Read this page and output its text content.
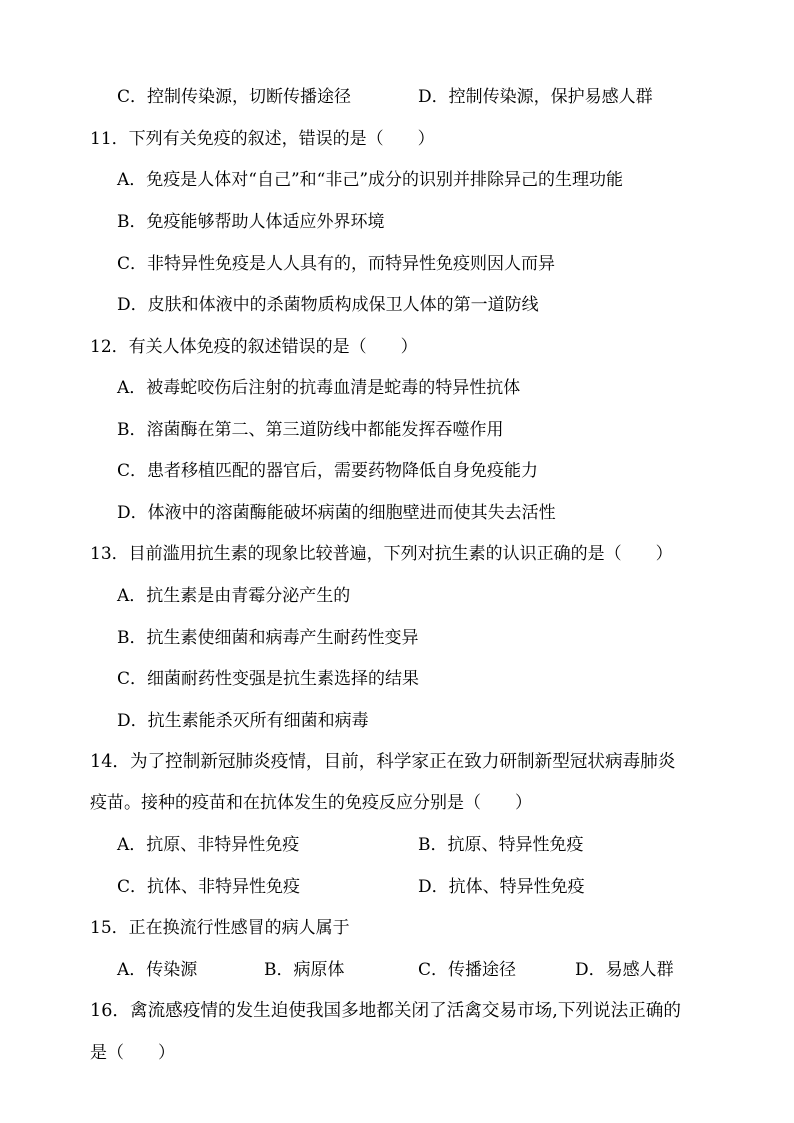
C．控制传染源，切断传播途径	D．控制传染源，保护易感人群
11．下列有关免疫的叙述，错误的是（　　）
A．免疫是人体对“自己”和“非己”成分的识别并排除异己的生理功能
B．免疫能够帮助人体适应外界环境
C．非特异性免疫是人人具有的，而特异性免疫则因人而异
D．皮肤和体液中的杀菌物质构成保卫人体的第一道防线
12．有关人体免疫的叙述错误的是（　　）
A．被毒蛇咬伤后注射的抗毒血清是蛇毒的特异性抗体
B．溶菌酶在第二、第三道防线中都能发挥吞噬作用
C．患者移植匹配的器官后，需要药物降低自身免疫能力
D．体液中的溶菌酶能破坏病菌的细胞壁进而使其失去活性
13．目前滥用抗生素的现象比较普遍，下列对抗生素的认识正确的是（　　）
A．抗生素是由青霉分泌产生的
B．抗生素使细菌和病毒产生耐药性变异
C．细菌耐药性变强是抗生素选择的结果
D．抗生素能杀灭所有细菌和病毒
14．为了控制新冠肺炎疫情，目前，科学家正在致力研制新型冠状病毒肺炎
疫苗。接种的疫苗和在抗体发生的免疫反应分别是（　　）
A．抗原、非特异性免疫	B．抗原、特异性免疫
C．抗体、非特异性免疫	D．抗体、特异性免疫
15．正在换流行性感冒的病人属于
A．传染源	B．病原体	C．传播途径	D．易感人群
16．禽流感疫情的发生迫使我国多地都关闭了活禽交易市场,下列说法正确的
是（　　）
